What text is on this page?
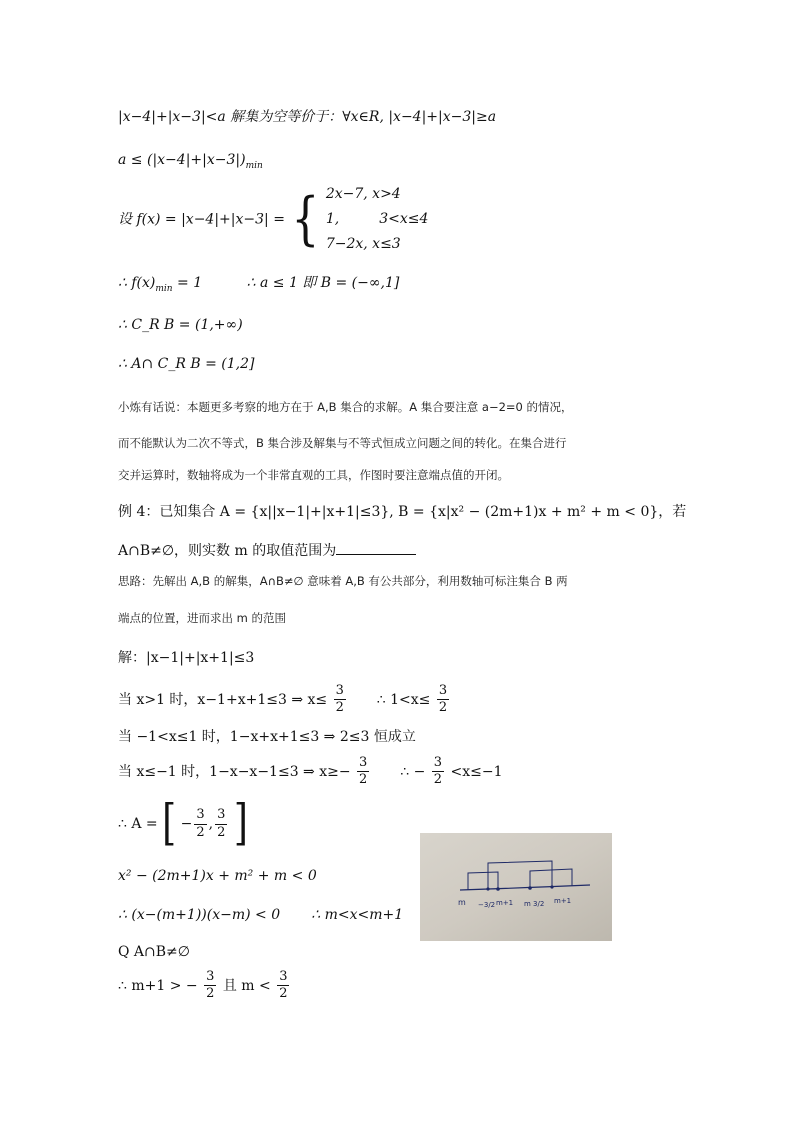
|x−4|+|x−3|<a 解集为空等价于：∀x∈R, |x−4|+|x−3|≥a
$a \le (|x-4|+|x-3|)_{min}$
设 f(x) = |x−4|+|x−3| = { 2x−7, x>4
1,         3<x≤4
7−2x, x≤3
∴ $f(x)_{min} = 1$          ∴ a ≤ 1 即 B = (−∞,1]
∴ C_R B = (1,+∞)
∴ A∩ C_R B = (1,2]
小炼有话说：本题更多考察的地方在于 A,B 集合的求解。A 集合要注意 a−2=0 的情况，
而不能默认为二次不等式，B 集合涉及解集与不等式恒成立问题之间的转化。在集合进行
交并运算时，数轴将成为一个非常直观的工具，作图时要注意端点值的开闭。
例 4：已知集合 A = {x||x−1|+|x+1|≤3}, B = {x|x² − (2m+1)x + m² + m < 0}，若
A∩B≠∅，则实数 m 的取值范围为
思路：先解出 A,B 的解集，A∩B≠∅ 意味着 A,B 有公共部分，利用数轴可标注集合 B 两
端点的位置，进而求出 m 的范围
解：|x−1|+|x+1|≤3
当 x>1 时，x−1+x+1≤3 ⇒ $x\le \frac{3}{2}$ ∴ $1<x\le \frac{3}{2}$
当 −1<x≤1 时，1−x+x+1≤3 ⇒ 2≤3 恒成立
当 x≤−1 时，1−x−x−1≤3 ⇒ $x\ge- \frac{3}{2}$ ∴ − $\frac{3}{2} <x\le-1$
∴ A = [ − $\frac{3}{2}$ , $\frac{3}{2}$ ]
x² − (2m+1)x + m² + m < 0
∴ (x−(m+1))(x−m) < 0       ∴ m<x<m+1
Q A∩B≠∅
∴ m+1 > − $\frac{3}{2}$ 且 $m < \frac{3}{2}$
m −3/2 m+1 m 3/2 m+1
